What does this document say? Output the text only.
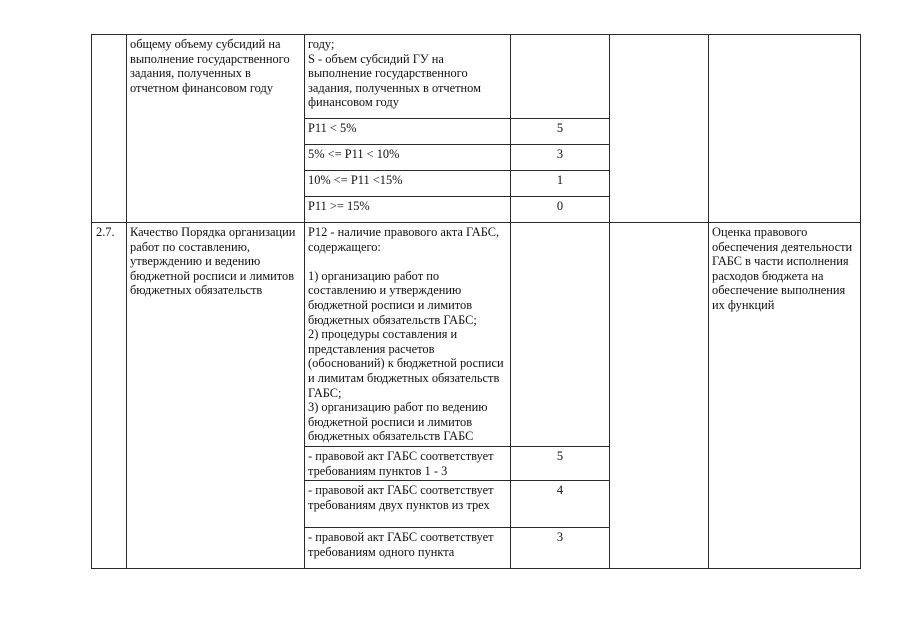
	общему объему субсидий на выполнение государственного задания, полученных в отчетном финансовом году	году;
S - объем субсидий ГУ на выполнение государственного задания, полученных в отчетном финансовом году			
		P11 < 5%	5		
		5% <= P11 < 10%	3		
		10% <= P11 <15%	1		
		P11 >= 15%	0		
2.7.	Качество Порядка организации работ по составлению, утверждению и ведению бюджетной росписи и лимитов бюджетных обязательств	P12 - наличие правового акта ГАБС, содержащего:

1) организацию работ по составлению и утверждению бюджетной росписи и лимитов бюджетных обязательств ГАБС;
2) процедуры составления и представления расчетов (обоснований) к бюджетной росписи и лимитам бюджетных обязательств ГАБС;
3) организацию работ по ведению бюджетной росписи и лимитов бюджетных обязательств ГАБС			Оценка правового обеспечения деятельности ГАБС в части исполнения расходов бюджета на обеспечение выполнения их функций
		- правовой акт ГАБС соответствует требованиям пунктов 1 - 3	5		
		- правовой акт ГАБС соответствует требованиям двух пунктов из трех	4		
		- правовой акт ГАБС соответствует требованиям одного пункта	3		
